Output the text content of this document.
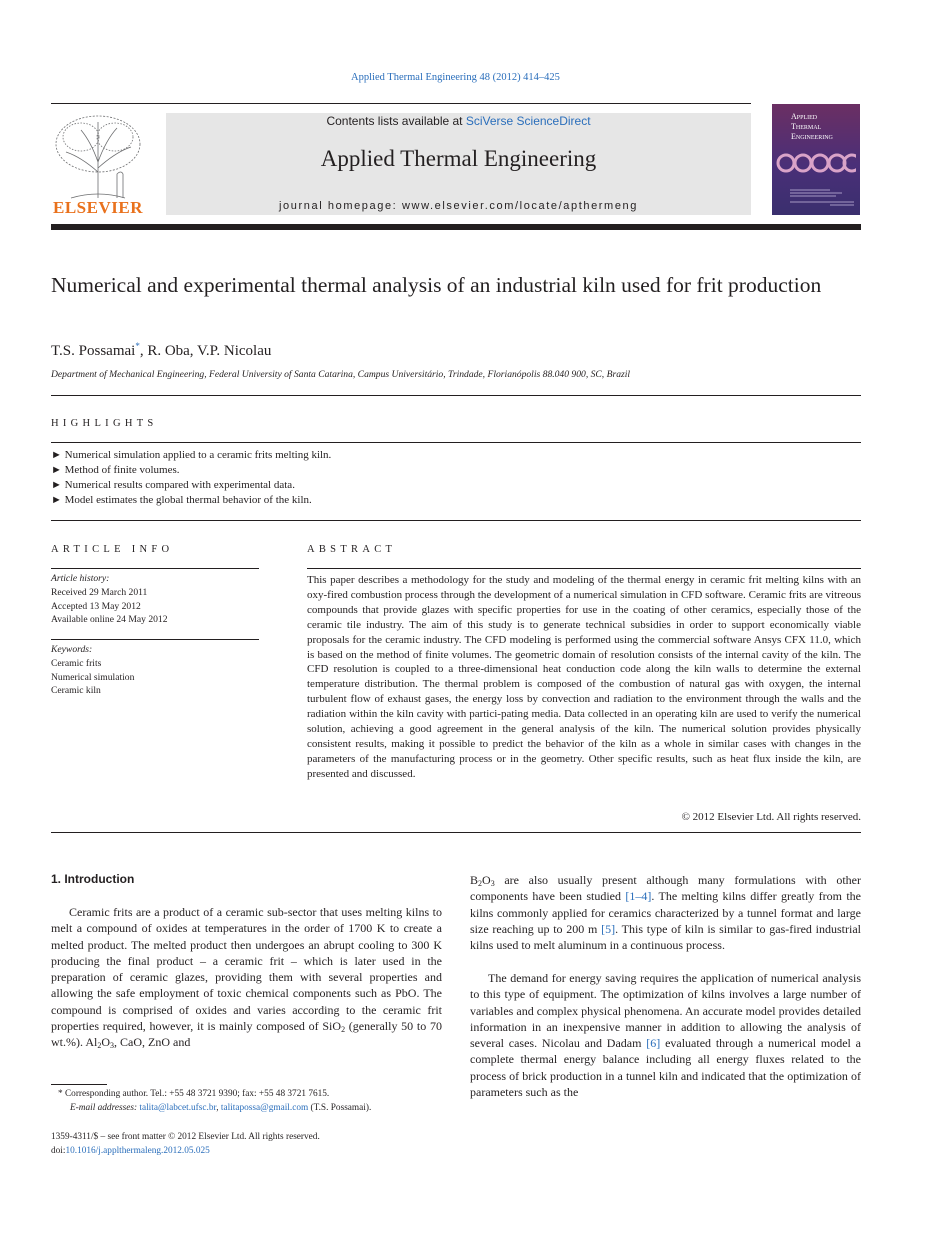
Applied Thermal Engineering 48 (2012) 414–425
ELSEVIER
Contents lists available at SciVerse ScienceDirect
Applied Thermal Engineering
journal homepage: www.elsevier.com/locate/apthermeng
Applied
Thermal
Engineering
Numerical and experimental thermal analysis of an industrial kiln used for frit production
T.S. Possamai*, R. Oba, V.P. Nicolau
Department of Mechanical Engineering, Federal University of Santa Catarina, Campus Universitário, Trindade, Florianópolis 88.040 900, SC, Brazil
HIGHLIGHTS
► Numerical simulation applied to a ceramic frits melting kiln.
► Method of finite volumes.
► Numerical results compared with experimental data.
► Model estimates the global thermal behavior of the kiln.
ARTICLE INFO
Article history:
Received 29 March 2011
Accepted 13 May 2012
Available online 24 May 2012
Keywords:
Ceramic frits
Numerical simulation
Ceramic kiln
ABSTRACT
This paper describes a methodology for the study and modeling of the thermal energy in ceramic frit melting kilns with an oxy-fired combustion process through the development of a numerical simulation in CFD software. Ceramic frits are vitreous compounds that provide glazes with specific properties for use in the coating of other ceramics, especially those of the ceramic tile industry. The aim of this study is to generate technical subsidies in order to support economically viable proposals for the ceramic industry. The CFD modeling is performed using the commercial software Ansys CFX 11.0, which is based on the method of finite volumes. The geometric domain of resolution consists of the internal cavity of the kiln. The CFD resolution is coupled to a three-dimensional heat conduction code along the kiln walls to determine the external temperature distribution. The thermal problem is composed of the combustion of natural gas with oxygen, the internal turbulent flow of exhaust gases, the energy loss by convection and radiation to the environment through the walls and the radiation within the kiln cavity with partici-pating media. Data collected in an operating kiln are used to verify the numerical solution, achieving a good agreement in the general analysis of the kiln. The numerical solution provides physically consistent results, making it possible to predict the behavior of the kiln as a whole in similar cases with changes in the parameters of the manufacturing process or in the geometry. Other specific results, such as heat flux inside the kiln, are presented and discussed.
© 2012 Elsevier Ltd. All rights reserved.
1. Introduction
Ceramic frits are a product of a ceramic sub-sector that uses melting kilns to melt a compound of oxides at temperatures in the order of 1700 K to create a melted product. The melted product then undergoes an abrupt cooling to 300 K producing the final product – a ceramic frit – which is later used in the preparation of ceramic glazes, providing them with several properties and allowing the safe employment of toxic chemical components such as PbO. The compound is comprised of oxides and varies according to the ceramic frit properties required, however, it is mainly composed of SiO$_2$ (generally 50 to 70 wt.%). $Al_2O_3$, CaO, ZnO and
$B_2O_3$ are also usually present although many formulations with other components have been studied [1–4]. The melting kilns differ greatly from the kilns commonly applied for ceramics characterized by a tunnel format and large size reaching up to 200 m [5]. This type of kiln is similar to gas-fired industrial kilns used to melt aluminum in a continuous process.
The demand for energy saving requires the application of numerical analysis to this type of equipment. The optimization of kilns involves a large number of variables and complex physical phenomena. An accurate model provides detailed information in an inexpensive manner in addition to allowing the analysis of several cases. Nicolau and Dadam [6] evaluated through a numerical model a complete thermal energy balance including all energy fluxes related to the process of brick production in a tunnel kiln and indicated that the optimization of parameters such as the
* Corresponding author. Tel.: +55 48 3721 9390; fax: +55 48 3721 7615.
E-mail addresses: talita@labcet.ufsc.br, talitapossa@gmail.com (T.S. Possamai).
1359-4311/$ – see front matter © 2012 Elsevier Ltd. All rights reserved.
doi:10.1016/j.applthermaleng.2012.05.025
